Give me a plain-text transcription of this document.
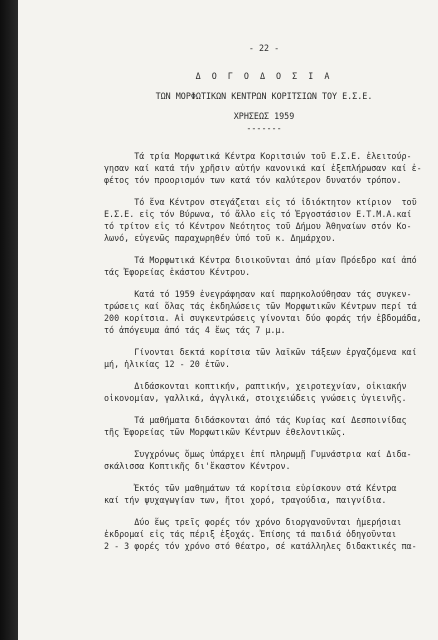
- 22 -
Δ Ο Γ Ο Δ Ο Σ Ι Α
ΤΩΝ ΜΟΡΦΩΤΙΚΩΝ ΚΕΝΤΡΩΝ ΚΟΡΙΤΣΙΩΝ ΤΟΥ Ε.Σ.Ε.
ΧΡΗΣΕΩΣ 1959
-------
Τά τρία Μορφωτικά Κέντρα Κοριτσιών τοῦ Ε.Σ.Ε. ἐλειτούρ-
γησαν καί κατά τήν χρῆσιν αὐτήν κανονικά καί ἐξεπλήρωσαν καί ἐ-
φέτος τόν προορισμόν των κατά τόν καλύτερον δυνατόν τρόπον.
Τό ἕνα Κέντρον στεγάζεται εἰς τό ἰδιόκτητον κτίριον  τοῦ
Ε.Σ.Ε. εἰς τόν Βύρωνα, τό ἄλλο εἰς τό Ἐργοστάσιον Ε.Τ.Μ.Α.καί
τό τρίτον εἰς τό Κέντρον Νεότητος τοῦ Δήμου Ἀθηναίων στόν Κο-
λωνό, εὐγενῶς παραχωρηθέν ὑπό τοῦ κ. Δημάρχου.
Τά Μορφωτικά Κέντρα διοικοῦνται ἀπό μίαν Πρόεδρο καί ἀπό
τάς Ἐφορείας ἑκάστου Κέντρου.
Κατά τό 1959 ἐνεγράφησαν καί παρηκολούθησαν τάς συγκεν-
τρώσεις καί ὅλας τάς ἐκδηλώσεις τῶν Μορφωτικῶν Κέντρων περί τά
200 κορίτσια. Αἱ συγκεντρώσεις γίνονται δύο φοράς τήν ἑβδομάδα,
τό ἀπόγευμα ἀπό τάς 4 ἕως τάς 7 μ.μ.
Γίνονται δεκτά κορίτσια τῶν λαϊκῶν τάξεων ἐργαζόμενα καί
μή, ἡλικίας 12 - 20 ἐτῶν.
Διδάσκονται κοπτικήν, ραπτικήν, χειροτεχνίαν, οἰκιακήν
οἰκονομίαν, γαλλικά, ἀγγλικά, στοιχειώδεις γνώσεις ὑγιεινῆς.
Τά μαθήματα διδάσκονται ἀπό τάς Κυρίας καί Δεσποινίδας
τῆς Ἐφορείας τῶν Μορφωτικῶν Κέντρων ἐθελοντικῶς.
Συγχρόνως ὅμως ὑπάρχει ἐπί πληρωμῇ Γυμνάστρια καί Διδα-
σκάλισσα Κοπτικῆς δι'ἕκαστον Κέντρον.
Ἐκτός τῶν μαθημάτων τά κορίτσια εὑρίσκουν στά Κέντρα
καί τήν ψυχαγωγίαν των, ἤτοι χορό, τραγούδια, παιγνίδια.
Δύο ἕως τρεῖς φορές τόν χρόνο διοργανοῦνται ἡμερήσιαι
ἐκδρομαί εἰς τάς πέριξ ἐξοχάς. Ἐπίσης τά παιδιά ὁδηγοῦνται
2 - 3 φορές τόν χρόνο στό θέατρο, σέ κατάλληλες διδακτικές πα-
